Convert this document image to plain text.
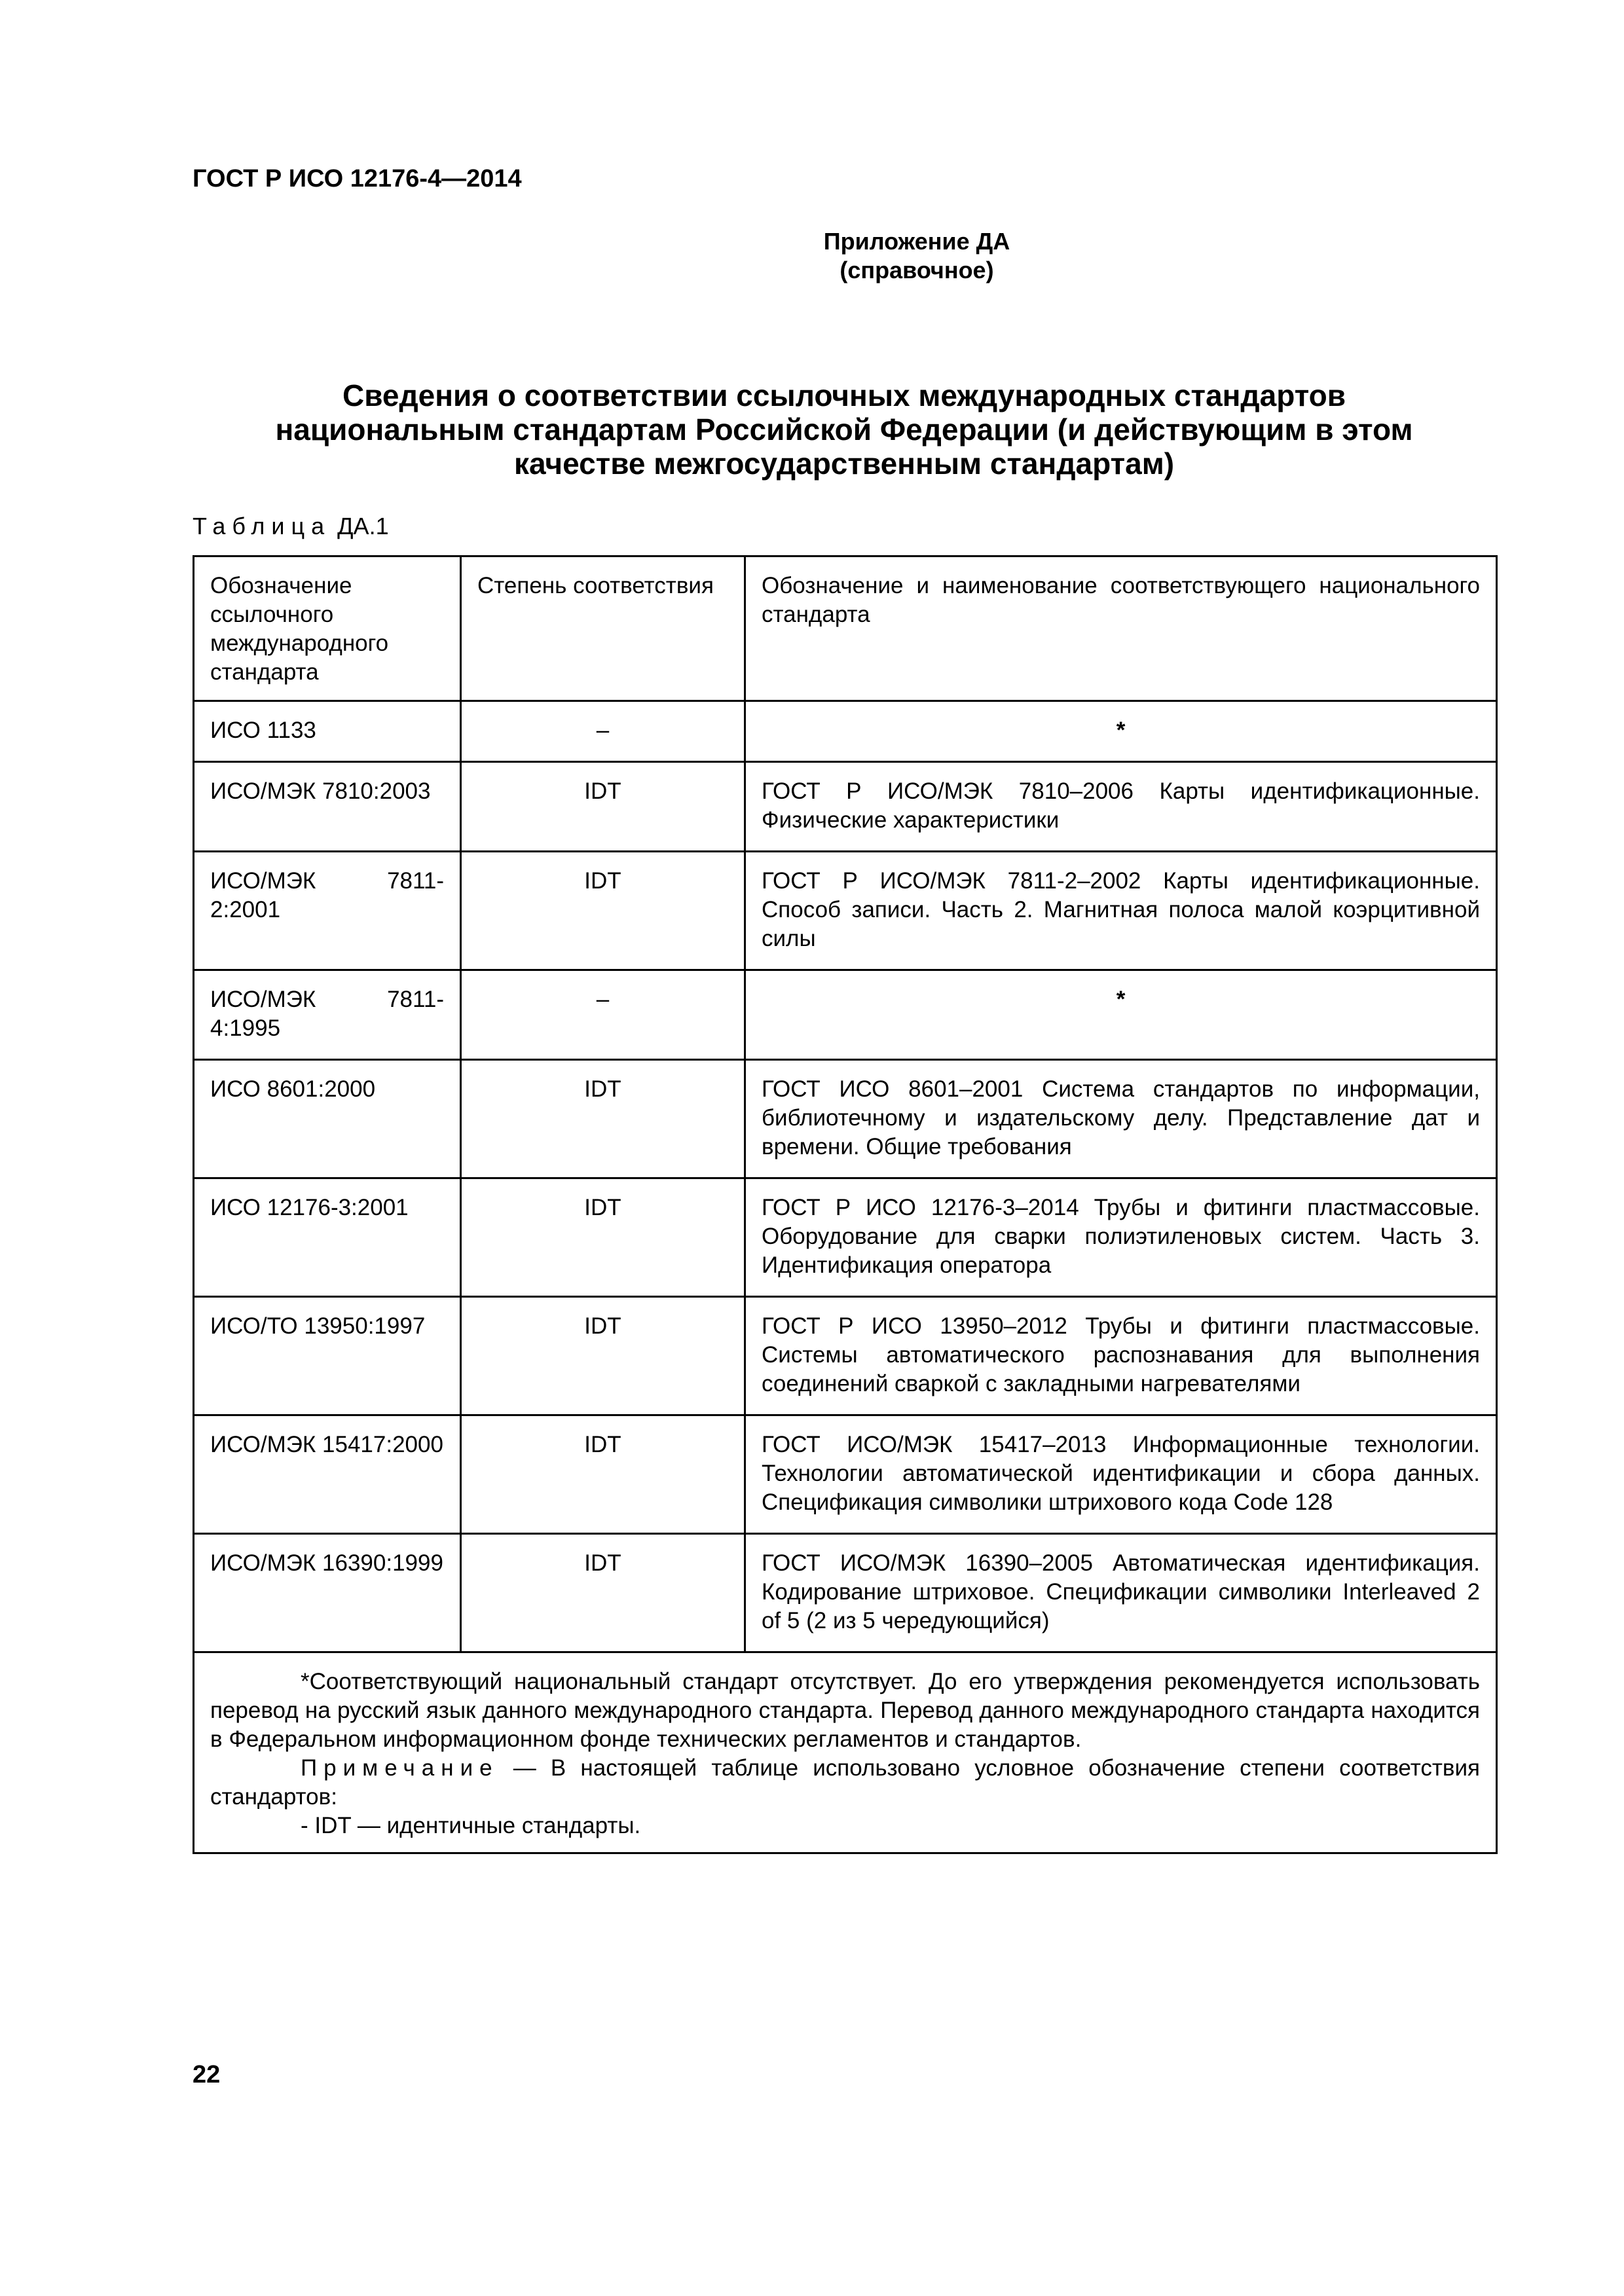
ГОСТ Р ИСО 12176-4—2014
Приложение ДА
(справочное)
Сведения о соответствии ссылочных международных стандартов
национальным стандартам Российской Федерации (и действующим в этом
качестве межгосударственным стандартам)
Таблица ДА.1
Обозначение ссылочного международного стандарта	Степень соответствия	Обозначение и наименование соответствующего национального стандарта
ИСО 1133	–	*
ИСО/МЭК 7810:2003	IDT	ГОСТ Р ИСО/МЭК 7810–2006 Карты идентификационные. Физические характеристики
ИСО/МЭК 7811-2:2001	IDT	ГОСТ Р ИСО/МЭК 7811-2–2002 Карты идентификационные. Способ записи. Часть 2. Магнитная полоса малой коэрцитивной силы
ИСО/МЭК 7811-4:1995	–	*
ИСО 8601:2000	IDT	ГОСТ ИСО 8601–2001 Система стандартов по информации, библиотечному и издательскому делу. Представление дат и времени. Общие требования
ИСО 12176-3:2001	IDT	ГОСТ Р ИСО 12176-3–2014 Трубы и фитинги пластмассовые. Оборудование для сварки полиэтиленовых систем. Часть 3. Идентификация оператора
ИСО/ТО 13950:1997	IDT	ГОСТ Р ИСО 13950–2012 Трубы и фитинги пластмассовые. Системы автоматического распознавания для выполнения соединений сваркой с закладными нагревателями
ИСО/МЭК 15417:2000	IDT	ГОСТ ИСО/МЭК 15417–2013 Информационные технологии. Технологии автоматической идентификации и сбора данных. Спецификация символики штрихового кода Code 128
ИСО/МЭК 16390:1999	IDT	ГОСТ ИСО/МЭК 16390–2005 Автоматическая идентификация. Кодирование штриховое. Спецификации символики Interleaved 2 of 5 (2 из 5 чередующийся)

*Соответствующий национальный стандарт отсутствует. До его утверждения рекомендуется использовать перевод на русский язык данного международного стандарта. Перевод данного международного стандарта находится в Федеральном информационном фонде технических регламентов и стандартов.

Примечание — В настоящей таблице использовано условное обозначение степени соответствия стандартов:

- IDT — идентичные стандарты.		

22
